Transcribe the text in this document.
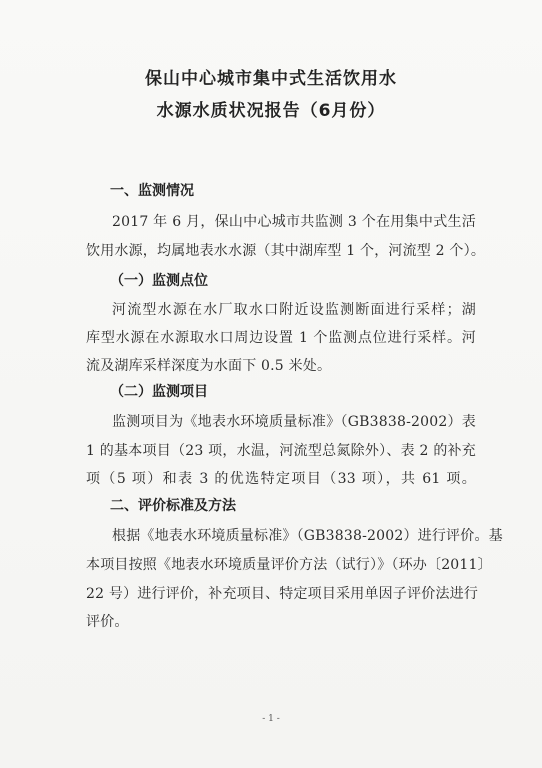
保山中心城市集中式生活饮用水
水源水质状况报告（6月份）
一、监测情况
2017 年 6 月，保山中心城市共监测 3 个在用集中式生活
饮用水源，均属地表水水源（其中湖库型 1 个，河流型 2 个）。
（一）监测点位
河流型水源在水厂取水口附近设监测断面进行采样；湖
库型水源在水源取水口周边设置 1 个监测点位进行采样。河
流及湖库采样深度为水面下 0.5 米处。
（二）监测项目
监测项目为《地表水环境质量标准》（GB3838-2002）表
1 的基本项目（23 项，水温，河流型总氮除外）、表 2 的补充
项（5 项）和表 3 的优选特定项目（33 项），共 61 项。
二、评价标准及方法
根据《地表水环境质量标准》（GB3838-2002）进行评价。基
本项目按照《地表水环境质量评价方法（试行）》（环办〔2011〕
22 号）进行评价，补充项目、特定项目采用单因子评价法进行
评价。
- 1 -
